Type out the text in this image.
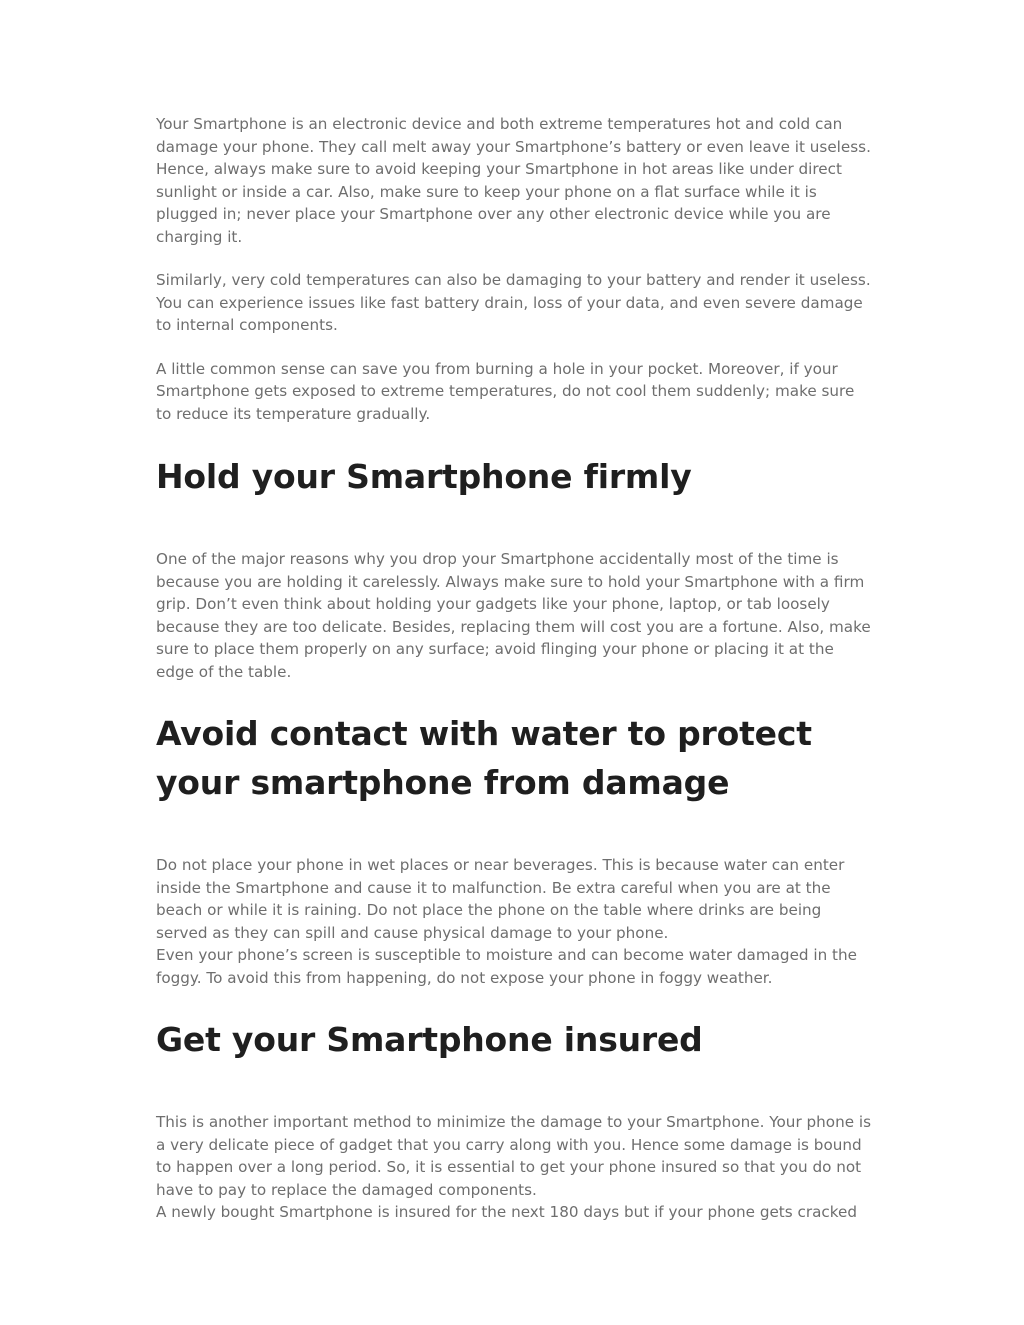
Your Smartphone is an electronic device and both extreme temperatures hot and cold can damage your phone. They call melt away your Smartphone’s battery or even leave it useless. Hence, always make sure to avoid keeping your Smartphone in hot areas like under direct sunlight or inside a car. Also, make sure to keep your phone on a flat surface while it is plugged in; never place your Smartphone over any other electronic device while you are charging it.

Similarly, very cold temperatures can also be damaging to your battery and render it useless. You can experience issues like fast battery drain, loss of your data, and even severe damage to internal components.

A little common sense can save you from burning a hole in your pocket. Moreover, if your Smartphone gets exposed to extreme temperatures, do not cool them suddenly; make sure to reduce its temperature gradually.

Hold your Smartphone firmly

One of the major reasons why you drop your Smartphone accidentally most of the time is because you are holding it carelessly. Always make sure to hold your Smartphone with a firm grip. Don’t even think about holding your gadgets like your phone, laptop, or tab loosely because they are too delicate. Besides, replacing them will cost you are a fortune. Also, make sure to place them properly on any surface; avoid flinging your phone or placing it at the edge of the table.

Avoid contact with water to protect your smartphone from damage

Do not place your phone in wet places or near beverages. This is because water can enter inside the Smartphone and cause it to malfunction. Be extra careful when you are at the beach or while it is raining. Do not place the phone on the table where drinks are being served as they can spill and cause physical damage to your phone.

Even your phone’s screen is susceptible to moisture and can become water damaged in the foggy. To avoid this from happening, do not expose your phone in foggy weather.

Get your Smartphone insured

This is another important method to minimize the damage to your Smartphone. Your phone is a very delicate piece of gadget that you carry along with you. Hence some damage is bound to happen over a long period. So, it is essential to get your phone insured so that you do not have to pay to replace the damaged components.

A newly bought Smartphone is insured for the next 180 days but if your phone gets cracked
